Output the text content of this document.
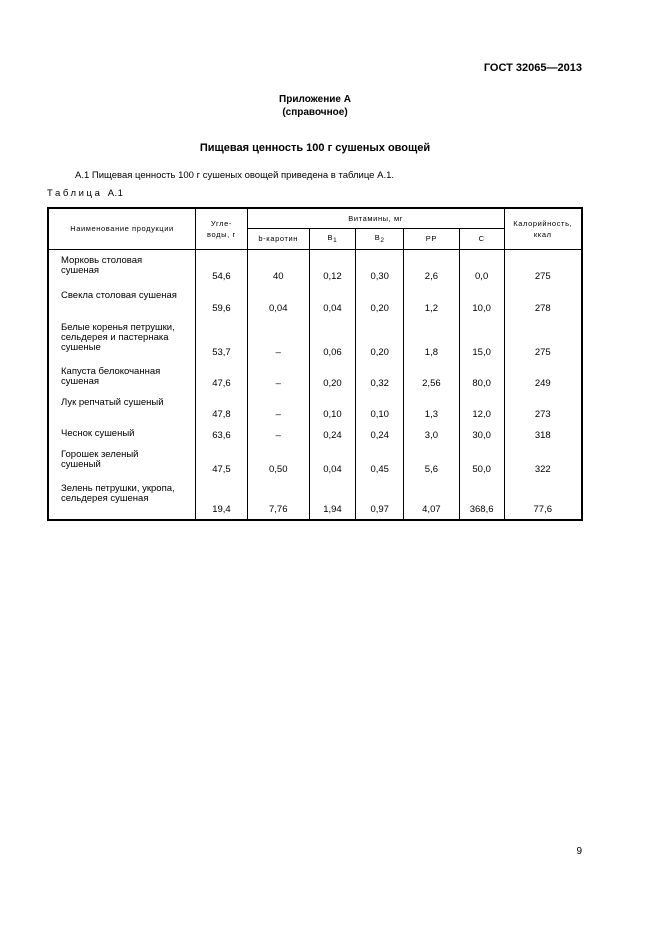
ГОСТ 32065—2013
Приложение А
(справочное)
Пищевая ценность 100 г сушеных овощей
А.1 Пищевая ценность 100 г сушеных овощей приведена в таблице А.1.
Таблица А.1
Наименование продукции	Угле-воды, г	Витамины, мг					Калорийность, ккал
		b-каротин	$B_1$	$B_2$	PP	C	
Морковь столовая сушеная	54,6	40	0,12	0,30	2,6	0,0	275
Свекла столовая сушеная	59,6	0,04	0,04	0,20	1,2	10,0	278
Белые коренья петрушки, сельдерея и пастернака сушеные	53,7	–	0,06	0,20	1,8	15,0	275
Капуста белокочанная сушеная	47,6	–	0,20	0,32	2,56	80,0	249
Лук репчатый сушеный	47,8	–	0,10	0,10	1,3	12,0	273
Чеснок сушеный	63,6	–	0,24	0,24	3,0	30,0	318
Горошек зеленый сушеный	47,5	0,50	0,04	0,45	5,6	50,0	322
Зелень петрушки, укропа, сельдерея сушеная	19,4	7,76	1,94	0,97	4,07	368,6	77,6
9
